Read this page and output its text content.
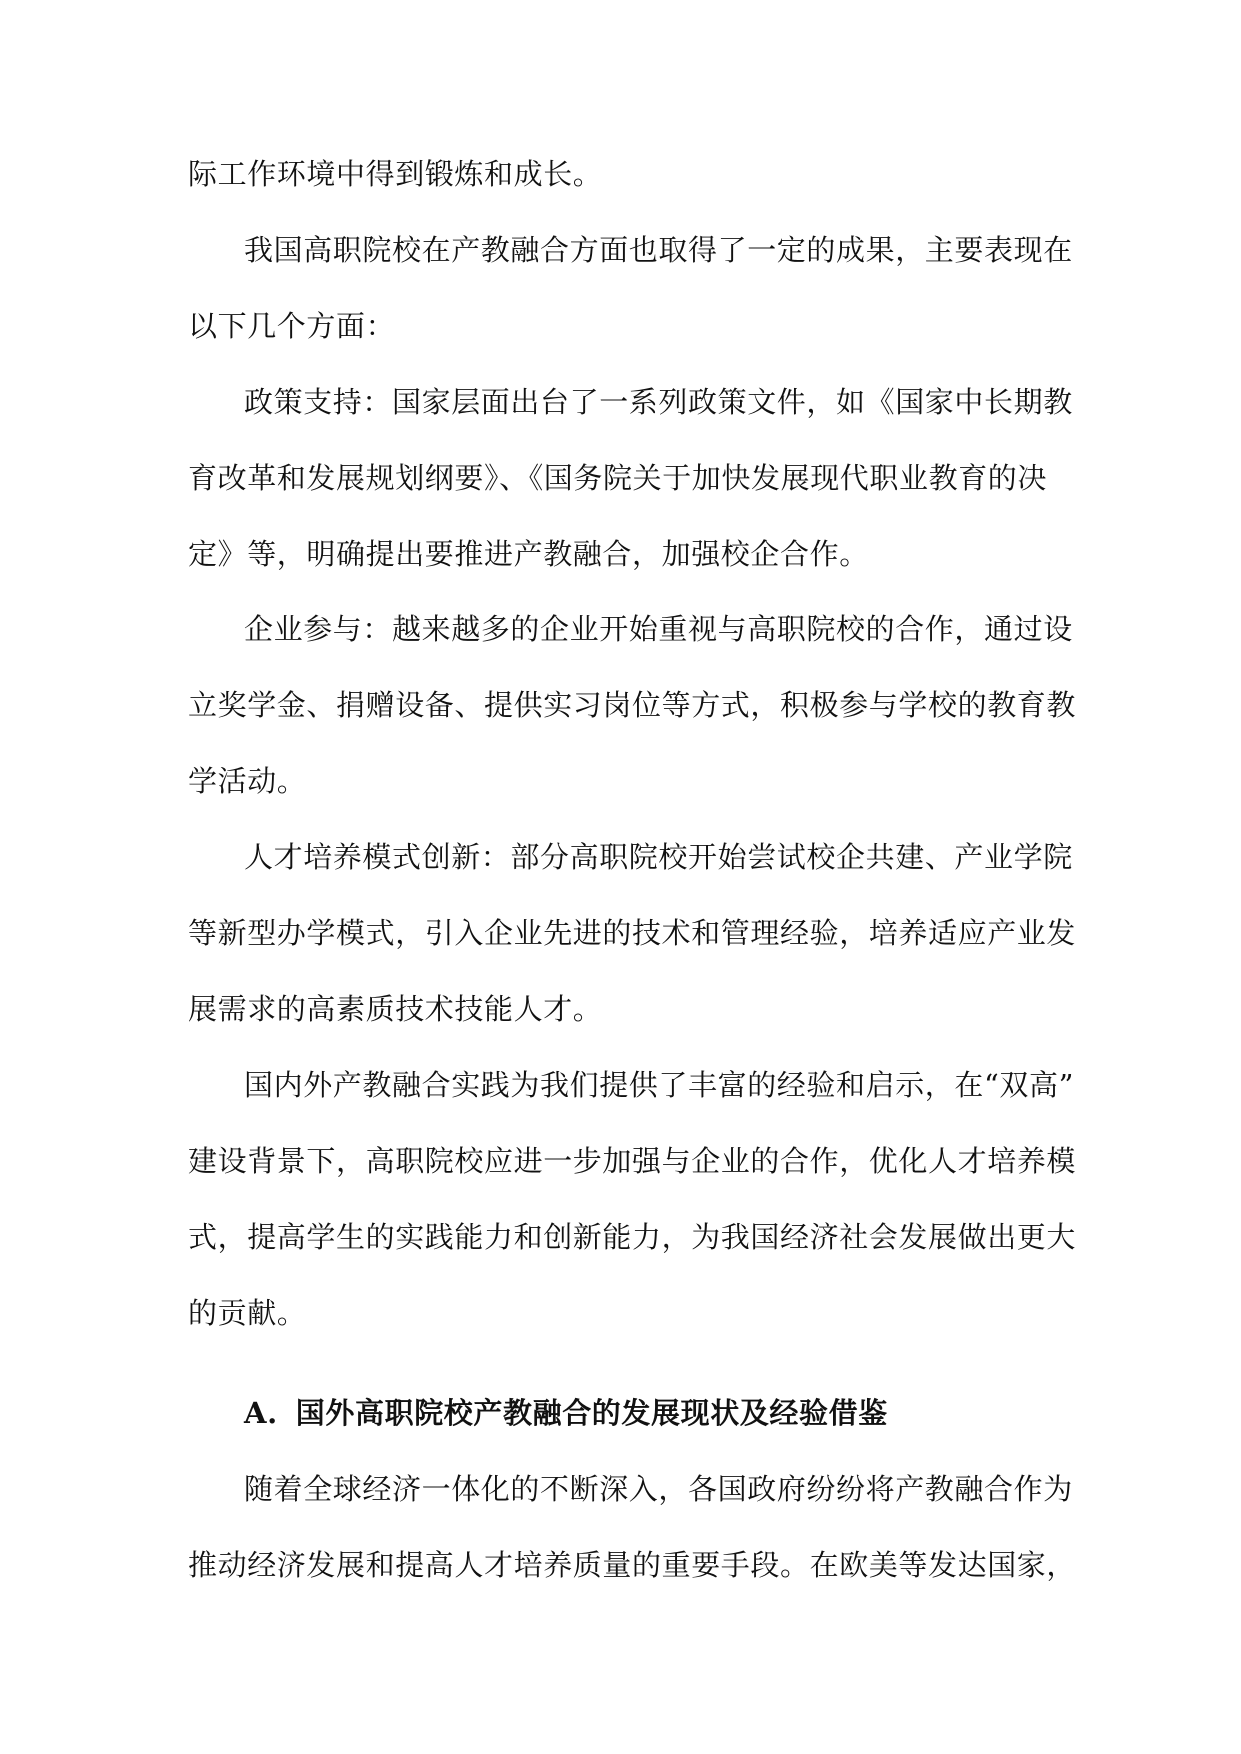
际工作环境中得到锻炼和成长。
我国高职院校在产教融合方面也取得了一定的成果，主要表现在
以下几个方面：
政策支持：国家层面出台了一系列政策文件，如《国家中长期教
育改革和发展规划纲要》、《国务院关于加快发展现代职业教育的决
定》等，明确提出要推进产教融合，加强校企合作。
企业参与：越来越多的企业开始重视与高职院校的合作，通过设
立奖学金、捐赠设备、提供实习岗位等方式，积极参与学校的教育教
学活动。
人才培养模式创新：部分高职院校开始尝试校企共建、产业学院
等新型办学模式，引入企业先进的技术和管理经验，培养适应产业发
展需求的高素质技术技能人才。
国内外产教融合实践为我们提供了丰富的经验和启示，在“双高”
建设背景下，高职院校应进一步加强与企业的合作，优化人才培养模
式，提高学生的实践能力和创新能力，为我国经济社会发展做出更大
的贡献。
A. 国外高职院校产教融合的发展现状及经验借鉴
随着全球经济一体化的不断深入，各国政府纷纷将产教融合作为
推动经济发展和提高人才培养质量的重要手段。在欧美等发达国家，
